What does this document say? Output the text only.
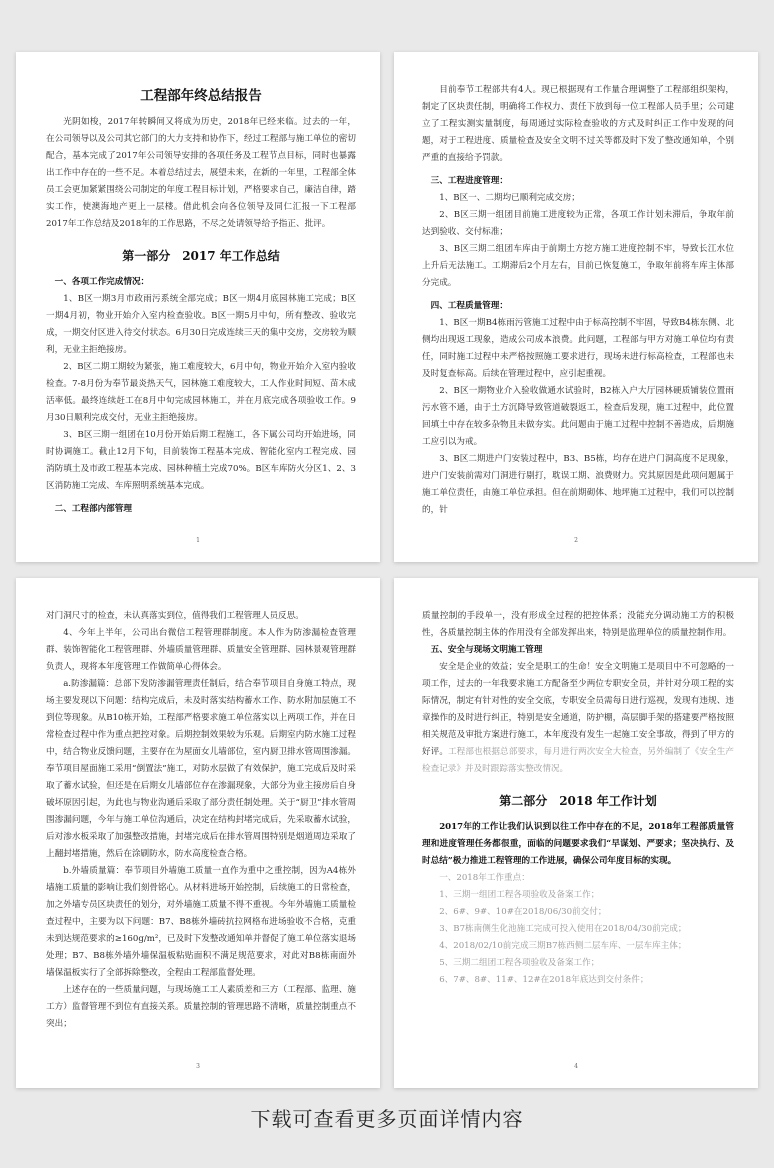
工程部年终总结报告

光阴如梭，2017年转瞬间又将成为历史，2018年已经来临。过去的一年，在公司领导以及公司其它部门的大力支持和协作下，经过工程部与施工单位的密切配合，基本完成了2017年公司领导安排的各项任务及工程节点目标，同时也暴露出工作中存在的一些不足。本着总结过去，展望未来，在新的一年里，工程部全体员工会更加紧紧围绕公司制定的年度工程目标计划，严格要求自己，廉洁自律，踏实工作，使澳海地产更上一层楼。借此机会向各位领导及同仁汇报一下工程部2017年工作总结及2018年的工作思路，不尽之处请领导给予指正、批评。

第一部分　2017 年工作总结

一、各项工作完成情况：

1、B区一期3月市政雨污系统全部完成；B区一期4月底园林施工完成；B区一期4月初，物业开始介入室内检查验收。B区一期5月中旬，所有整改、验收完成，一期交付区进入待交付状态。6月30日完成连续三天的集中交房，交房较为顺利，无业主拒绝接房。

2、B区二期工期较为紧张，施工难度较大，6月中旬，物业开始介入室内验收检查。7-8月份为奉节最炎热天气，园林施工难度较大，工人作业时间短、苗木成活率低。最终连续赶工在8月中旬完成园林施工，并在月底完成各项验收工作。9月30日顺利完成交付，无业主拒绝接房。

3、B区三期一组团在10月份开始后期工程施工，各下属公司均开始进场，同时协调施工。截止12月下旬，目前装饰工程基本完成、智能化室内工程完成、园消防填土及市政工程基本完成、园林种植土完成70%。B区车库防火分区1、2、3区消防施工完成、车库照明系统基本完成。

二、工程部内部管理

1

目前奉节工程部共有4人。现已根据现有工作量合理调整了工程部组织架构，制定了区块责任制，明确将工作权力、责任下放到每一位工程部人员手里；公司建立了工程实测实量制度，每周通过实际检查验收的方式及时纠正工作中发现的问题，对于工程进度、质量检查及安全文明不过关等都及时下发了整改通知单，个别严重的直接给予罚款。

三、工程进度管理：

1、B区一、二期均已顺利完成交房；

2、B区三期一组团目前施工进度较为正常，各项工作计划未滞后，争取年前达到验收、交付标准；

3、B区三期二组团车库由于前期土方挖方施工进度控制不牢，导致长江水位上升后无法施工。工期滞后2个月左右，目前已恢复施工，争取年前将车库主体部分完成。

四、工程质量管理：

1、B区一期B4栋雨污管施工过程中由于标高控制不牢固，导致B4栋东侧、北侧均出现返工现象，造成公司成本浪费。此问题，工程部与甲方对施工单位均有责任，同时施工过程中未严格按照施工要求进行，现场未进行标高检查，工程部也未及时复查标高。后续在管理过程中，应引起重视。

2、B区一期物业介入验收做通水试验时，B2栋入户大厅园林硬质铺装位置雨污水管不通，由于土方沉降导致管道破裂返工，检查后发现，施工过程中，此位置回填土中存在较多杂物且未做夯实。此问题由于施工过程中控制不善造成，后期施工应引以为戒。

3、B区二期进户门安装过程中，B3、B5栋，均存在进户门洞高度不足现象，进户门安装前需对门洞进行剔打，耽误工期、浪费财力。究其原因是此项问题属于施工单位责任，由施工单位承担。但在前期砌体、地坪施工过程中，我们可以控制的，针

2

对门洞尺寸的检查，未认真落实到位，值得我们工程管理人员反思。

4、今年上半年，公司出台微信工程管理群制度。本人作为防渗漏检查管理群、装饰智能化工程管理群、外墙质量管理群、质量安全管理群、园林景观管理群负责人，现将本年度管理工作做简单心得体会。

a.防渗漏篇：总部下发防渗漏管理责任制后，结合奉节项目自身施工特点，现场主要发现以下问题：结构完成后，未及时落实结构蓄水工作、防水附加层施工不到位等现象。从B10栋开始，工程部严格要求施工单位落实以上两项工作，并在日常检查过程中作为重点把控对象。后期控制效果较为乐观。后期室内防水施工过程中，结合物业反馈问题，主要存在为屋面女儿墙部位，室内厨卫排水管周围渗漏。奉节项目屋面施工采用“倒置法”施工，对防水层做了有效保护，施工完成后及时采取了蓄水试验，但还是在后期女儿墙部位存在渗漏现象，大部分为业主接房后自身破坏原因引起，为此也与物业沟通后采取了部分责任制处理。关于“厨卫”排水管周围渗漏问题，今年与施工单位沟通后，决定在结构封堵完成后，先采取蓄水试验，后对渗水板采取了加强整改措施，封堵完成后在排水管周围特别是烟道周边采取了上翻封堵措施，然后在涂刷防水，防水高度检查合格。

b.外墙质量篇：奉节项目外墙施工质量一直作为重中之重控制，因为A4栋外墙施工质量的影响让我们刻骨铭心。从材料进场开始控制，后续施工的日常检查，加之外墙专员区块责任的划分，对外墙施工质量不得不重视。今年外墙施工质量检查过程中，主要为以下问题：B7、B8栋外墙砖抗拉网格布进场验收不合格，克重未到达规范要求的≥160g/m²，已及时下发整改通知单并督促了施工单位落实退场处理；B7、B8栋外墙外墙保温板粘贴面积不满足规范要求，对此对B8栋南面外墙保温板实行了全部拆除整改，全程由工程部监督处理。

上述存在的一些质量问题，与现场施工工人素质差和三方（工程部、监理、施工方）监督管理不到位有直接关系。质量控制的管理思路不清晰，质量控制重点不突出；

3

质量控制的手段单一，没有形成全过程的把控体系；没能充分调动施工方的积极性，各质量控制主体的作用没有全部发挥出来，特别是监理单位的质量控制作用。

五、安全与现场文明施工管理

安全是企业的效益；安全是职工的生命！安全文明施工是项目中不可忽略的一项工作，过去的一年我要求施工方配备至少两位专职安全员，并针对分项工程的实际情况，制定有针对性的安全交底，专职安全员需每日进行巡视，发现有违规、违章操作的及时进行纠正，特别是安全通道，防护棚，高层脚手架的搭建要严格按照相关规范及审批方案进行施工，本年度没有发生一起施工安全事故，得到了甲方的好评。工程部也根据总部要求，每月进行两次安全大检查，另外编制了《安全生产检查记录》并及时跟踪落实整改情况。

第二部分　2018 年工作计划

2017年的工作让我们认识到以往工作中存在的不足，2018年工程部质量管理和进度管理任务都很重，面临的问题要求我们“早谋划、严要求；坚决执行、及时总结”极力推进工程管理的工作进展，确保公司年度目标的实现。

一、2018年工作重点：

1、三期一组团工程各项验收及备案工作；

2、6#、9#、10#在2018/06/30前交付；

3、B7栋南侧生化池施工完成可投入使用在2018/04/30前完成；

4、2018/02/10前完成三期B7栋西侧二层车库、一层车库主体；

5、三期二组团工程各项验收及备案工作；

6、7#、8#、11#、12#在2018年底达到交付条件；

4
下载可查看更多页面详情内容
